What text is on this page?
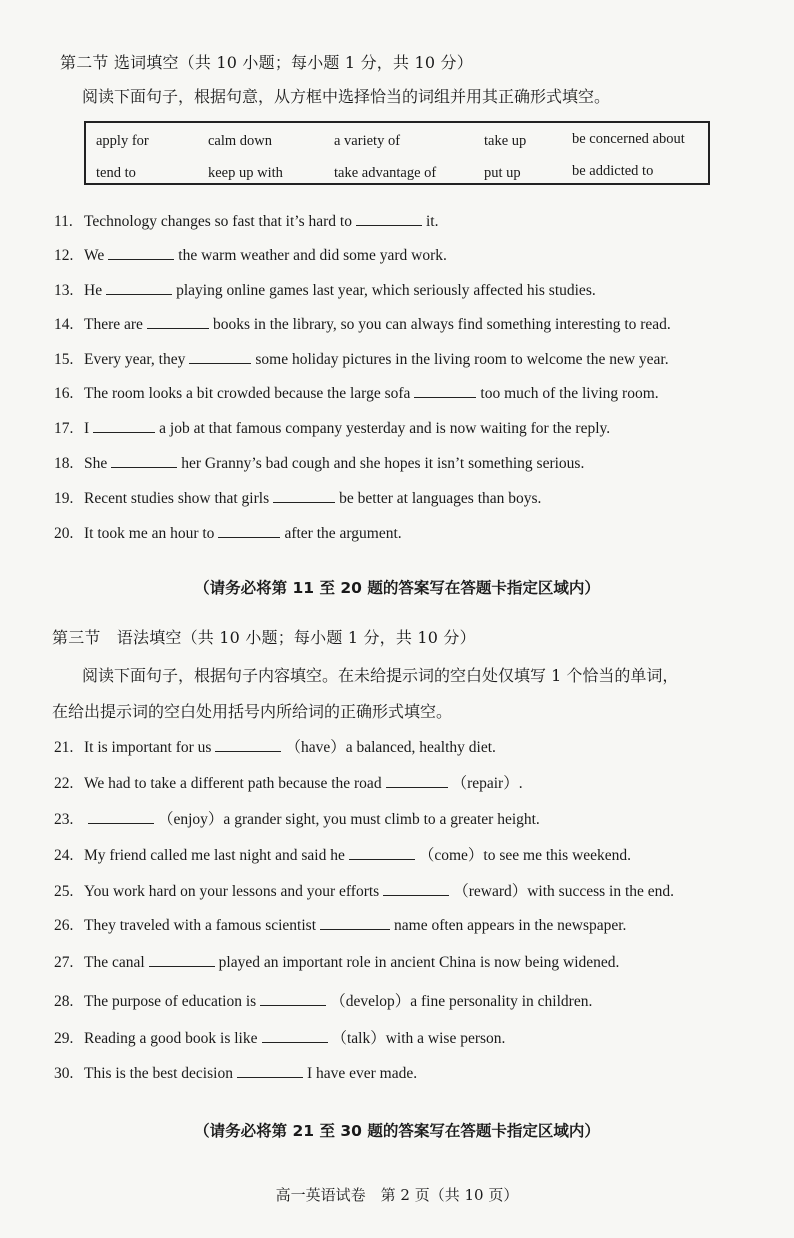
第二节 选词填空（共 10 小题；每小题 1 分，共 10 分）
阅读下面句子，根据句意，从方框中选择恰当的词组并用其正确形式填空。
apply for	calm down	a variety of	take up	be concerned about
tend to	keep up with	take advantage of	put up	be addicted to
11. Technology changes so fast that it’s hard to	it.
12. We	the warm weather and did some yard work.
13. He	playing online games last year, which seriously affected his studies.
14. There are	books in the library, so you can always find something interesting to read.
15. Every year, they	some holiday pictures in the living room to welcome the new year.
16. The room looks a bit crowded because the large sofa	too much of the living room.
17. I	a job at that famous company yesterday and is now waiting for the reply.
18. She	her Granny’s bad cough and she hopes it isn’t something serious.
19. Recent studies show that girls	be better at languages than boys.
20. It took me an hour to	after the argument.
（请务必将第 11 至 20 题的答案写在答题卡指定区域内）
第三节　语法填空（共 10 小题；每小题 1 分，共 10 分）
阅读下面句子，根据句子内容填空。在未给提示词的空白处仅填写 1 个恰当的单词，
在给出提示词的空白处用括号内所给词的正确形式填空。
21. It is important for us	（have）a balanced, healthy diet.
22. We had to take a different path because the road	（repair）.
23.	（enjoy）a grander sight, you must climb to a greater height.
24. My friend called me last night and said he	（come）to see me this weekend.
25. You work hard on your lessons and your efforts	（reward）with success in the end.
26. They traveled with a famous scientist	name often appears in the newspaper.
27. The canal	played an important role in ancient China is now being widened.
28. The purpose of education is	（develop）a fine personality in children.
29. Reading a good book is like	（talk）with a wise person.
30. This is the best decision	I have ever made.
（请务必将第 21 至 30 题的答案写在答题卡指定区域内）
高一英语试卷　第 2 页（共 10 页）
